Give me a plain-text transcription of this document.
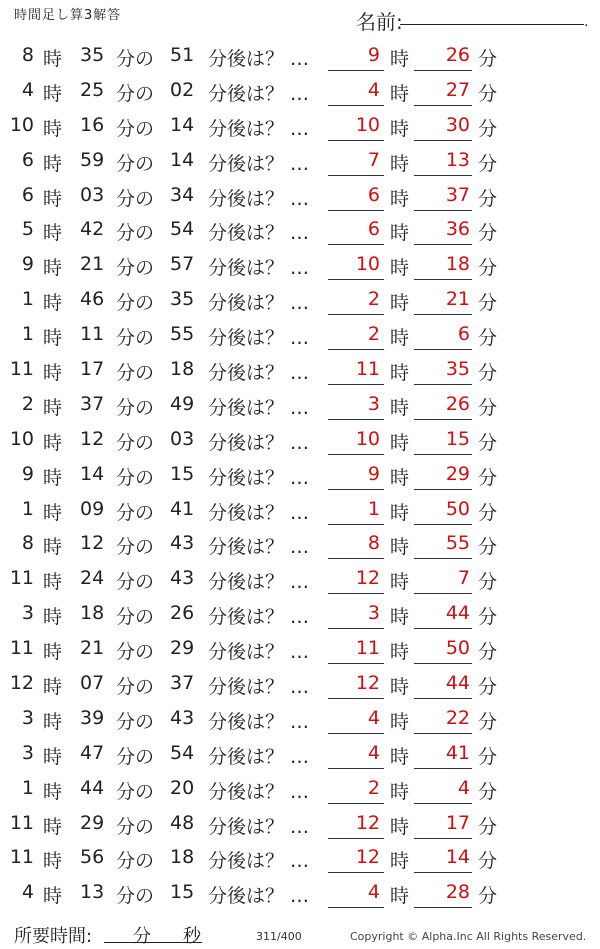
時間足し算3解答	名前:	.
8 時 35 分の 51 分後は？ …	9 時 26 分
4 時 25 分の 02 分後は？ …	4 時 27 分
10 時 16 分の 14 分後は？ … 10 時 30 分
6 時 59 分の 14 分後は？ …	7 時 13 分
6 時 03 分の 34 分後は？ …	6 時 37 分
5 時 42 分の 54 分後は？ …	6 時 36 分
9 時 21 分の 57 分後は？ … 10 時 18 分
1 時 46 分の 35 分後は？ …	2 時 21 分
1 時 11 分の 55 分後は？ …	2 時	6 分
11 時 17 分の 18 分後は？ … 11 時 35 分
2 時 37 分の 49 分後は？ …	3 時 26 分
10 時 12 分の 03 分後は？ … 10 時 15 分
9 時 14 分の 15 分後は？ …	9 時 29 分
1 時 09 分の 41 分後は？ …	1 時 50 分
8 時 12 分の 43 分後は？ …	8 時 55 分
11 時 24 分の 43 分後は？ … 12 時	7 分
3 時 18 分の 26 分後は？ …	3 時 44 分
11 時 21 分の 29 分後は？ … 11 時 50 分
12 時 07 分の 37 分後は？ … 12 時 44 分
3 時 39 分の 43 分後は？ …	4 時 22 分
3 時 47 分の 54 分後は？ …	4 時 41 分
1 時 44 分の 20 分後は？ …	2 時	4 分
11 時 29 分の 48 分後は？ … 12 時 17 分
11 時 56 分の 18 分後は？ … 12 時 14 分
4 時 13 分の 15 分後は？ …	4 時 28 分
所要時間: 分 秒	311/400	Copyright © Alpha.Inc All Rights Reserved.
